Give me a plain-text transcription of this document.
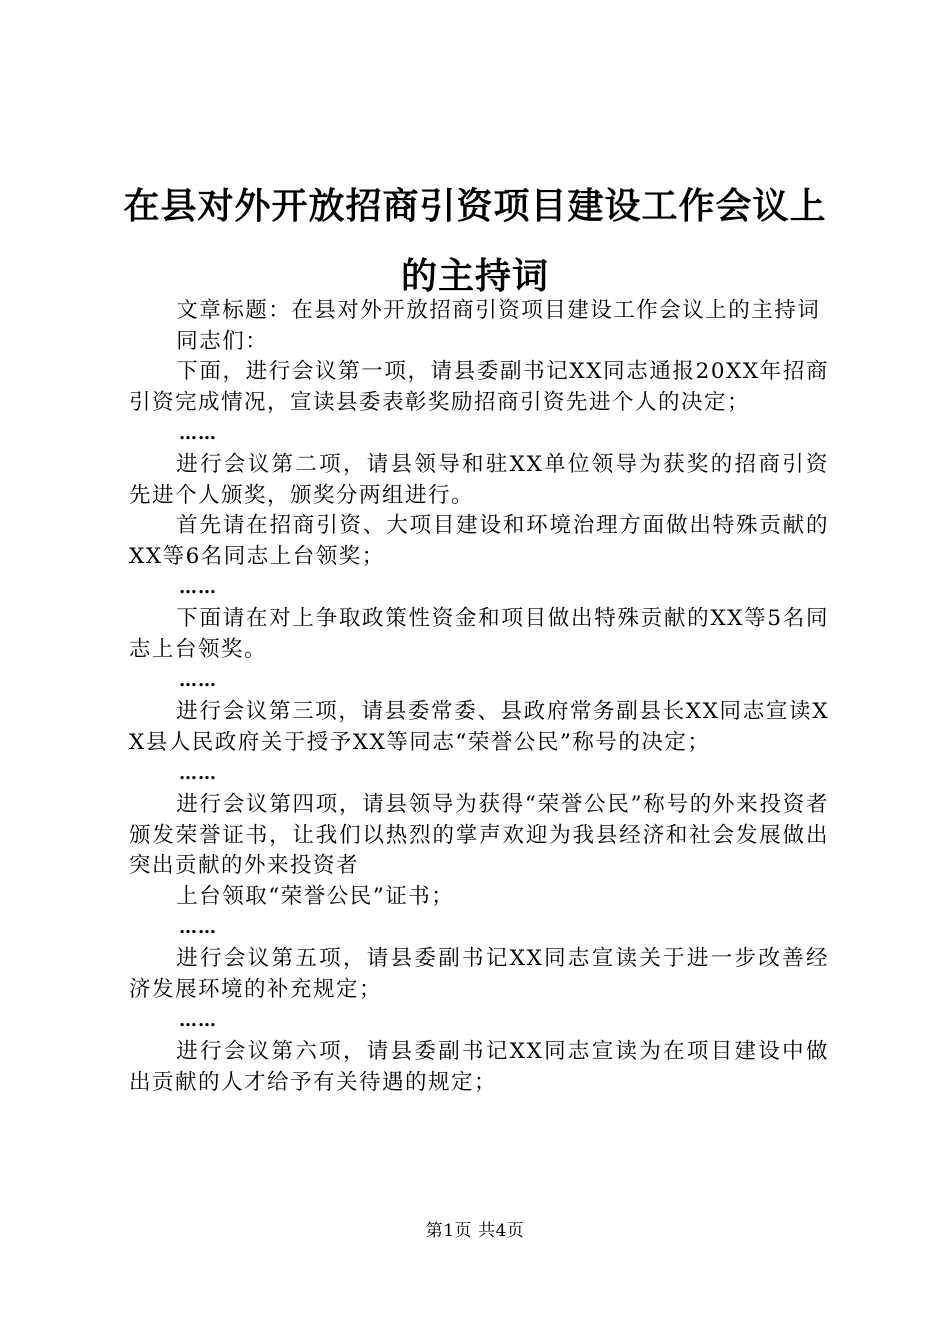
在县对外开放招商引资项目建设工作会议上的主持词

文章标题：在县对外开放招商引资项目建设工作会议上的主持词

同志们：

下面，进行会议第一项，请县委副书记XX同志通报20XX年招商引资完成情况，宣读县委表彰奖励招商引资先进个人的决定；

……

进行会议第二项，请县领导和驻XX单位领导为获奖的招商引资先进个人颁奖，颁奖分两组进行。

首先请在招商引资、大项目建设和环境治理方面做出特殊贡献的XX等6名同志上台领奖；

……

下面请在对上争取政策性资金和项目做出特殊贡献的XX等5名同志上台领奖。

……

进行会议第三项，请县委常委、县政府常务副县长XX同志宣读XX县人民政府关于授予XX等同志“荣誉公民”称号的决定；

……

进行会议第四项，请县领导为获得“荣誉公民”称号的外来投资者颁发荣誉证书，让我们以热烈的掌声欢迎为我县经济和社会发展做出突出贡献的外来投资者

上台领取“荣誉公民”证书；

……

进行会议第五项，请县委副书记XX同志宣读关于进一步改善经济发展环境的补充规定；

……

进行会议第六项，请县委副书记XX同志宣读为在项目建设中做出贡献的人才给予有关待遇的规定；

第1页 共4页
